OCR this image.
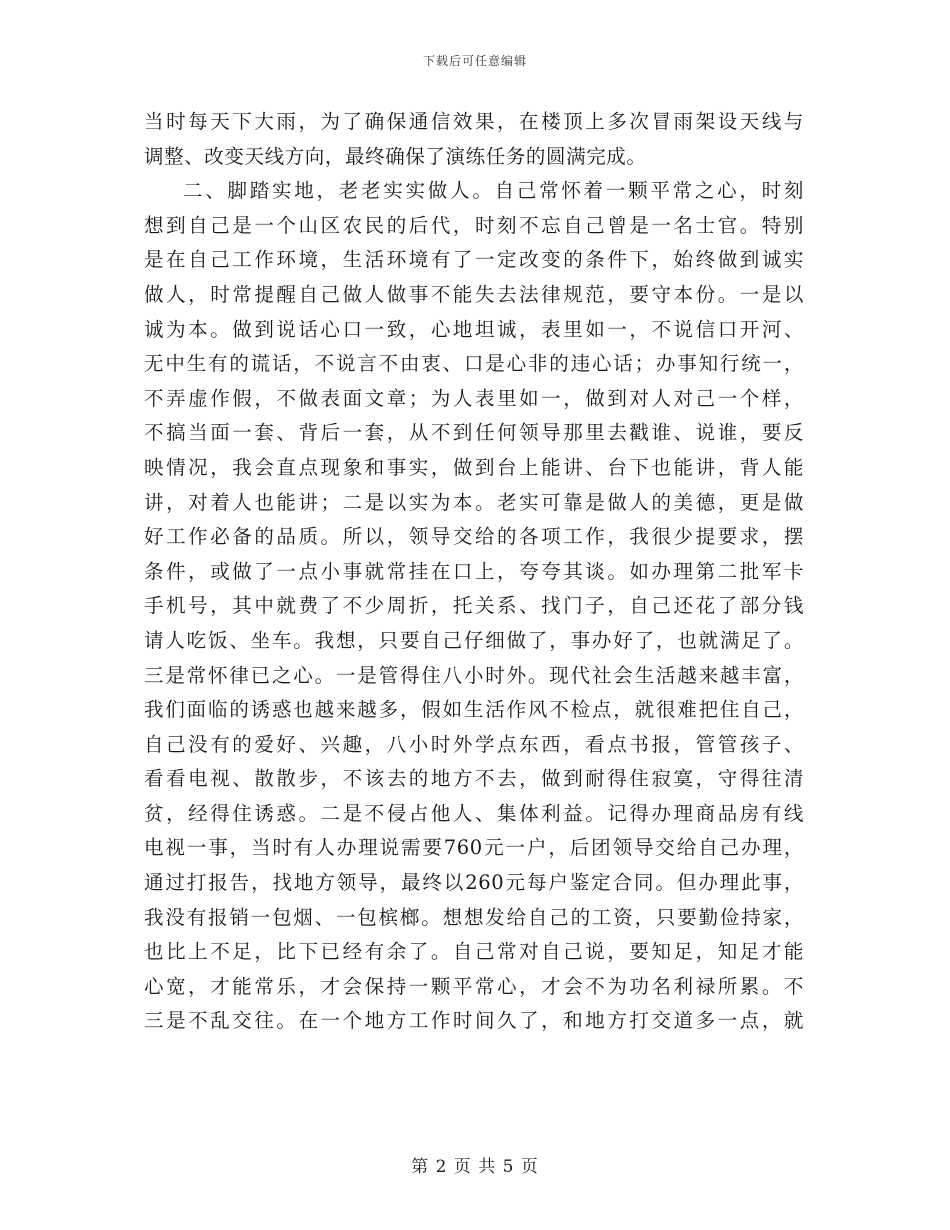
下载后可任意编辑
当时每天下大雨，为了确保通信效果，在楼顶上多次冒雨架设天线与
调整、改变天线方向，最终确保了演练任务的圆满完成。
二、脚踏实地，老老实实做人。自己常怀着一颗平常之心，时刻
想到自己是一个山区农民的后代，时刻不忘自己曾是一名士官。特别
是在自己工作环境，生活环境有了一定改变的条件下，始终做到诚实
做人，时常提醒自己做人做事不能失去法律规范，要守本份。一是以
诚为本。做到说话心口一致，心地坦诚，表里如一，不说信口开河、
无中生有的谎话，不说言不由衷、口是心非的违心话；办事知行统一，
不弄虚作假，不做表面文章；为人表里如一，做到对人对己一个样，
不搞当面一套、背后一套，从不到任何领导那里去戳谁、说谁，要反
映情况，我会直点现象和事实，做到台上能讲、台下也能讲，背人能
讲，对着人也能讲；二是以实为本。老实可靠是做人的美德，更是做
好工作必备的品质。所以，领导交给的各项工作，我很少提要求，摆
条件，或做了一点小事就常挂在口上，夸夸其谈。如办理第二批军卡
手机号，其中就费了不少周折，托关系、找门子，自己还花了部分钱
请人吃饭、坐车。我想，只要自己仔细做了，事办好了，也就满足了。
三是常怀律已之心。一是管得住八小时外。现代社会生活越来越丰富，
我们面临的诱惑也越来越多，假如生活作风不检点，就很难把住自己，
自己没有的爱好、兴趣，八小时外学点东西，看点书报，管管孩子、
看看电视、散散步，不该去的地方不去，做到耐得住寂寞，守得往清
贫，经得住诱惑。二是不侵占他人、集体利益。记得办理商品房有线
电视一事，当时有人办理说需要760元一户，后团领导交给自己办理，
通过打报告，找地方领导，最终以260元每户鉴定合同。但办理此事，
我没有报销一包烟、一包槟榔。想想发给自己的工资，只要勤俭持家，
也比上不足，比下已经有余了。自己常对自己说，要知足，知足才能
心宽，才能常乐，才会保持一颗平常心，才会不为功名利禄所累。不
三是不乱交往。在一个地方工作时间久了，和地方打交道多一点，就
第 2 页 共 5 页
